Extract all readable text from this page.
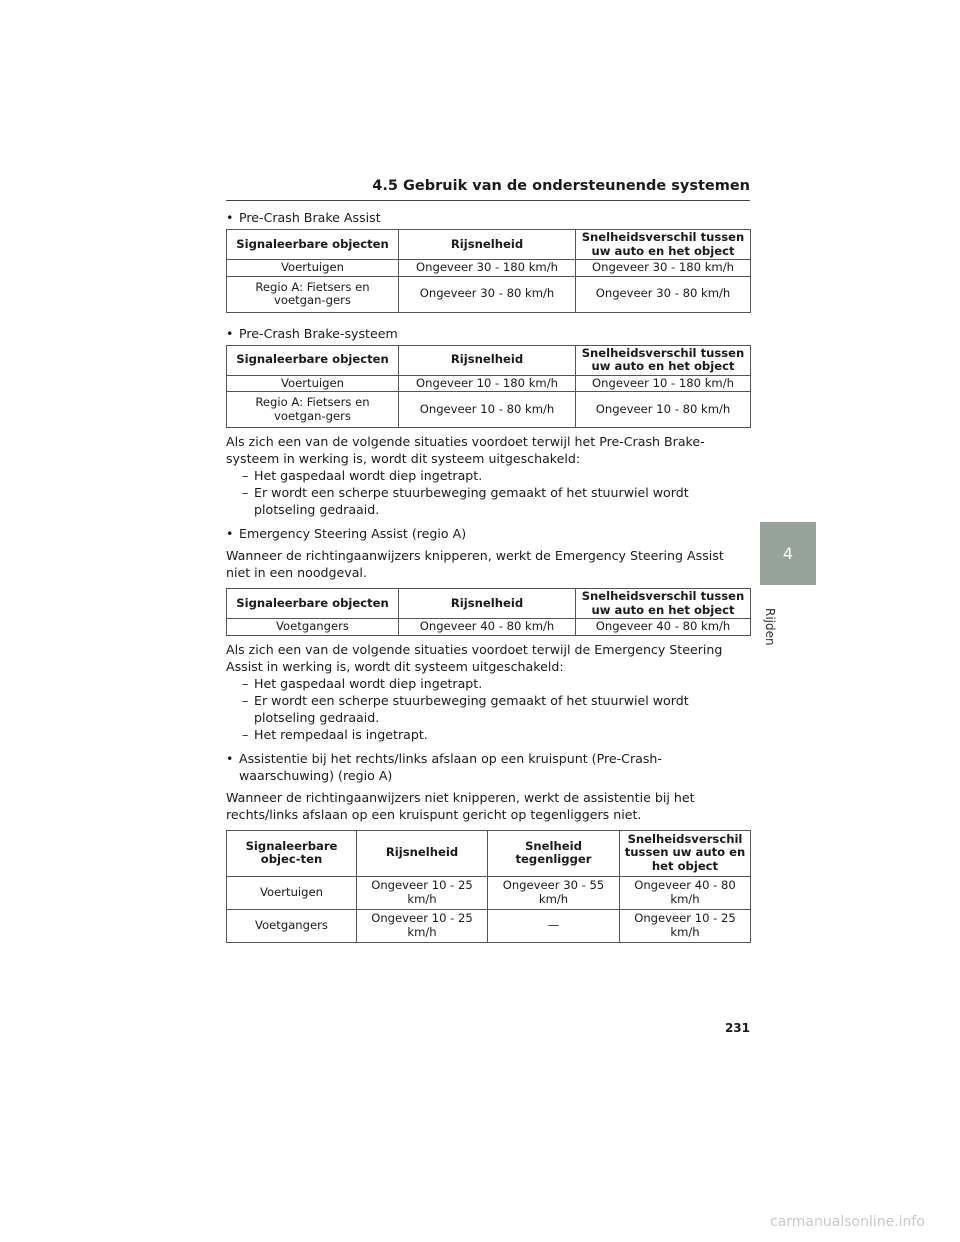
4.5 Gebruik van de ondersteunende systemen
• Pre-Crash Brake Assist
Signaleerbare objecten	Rijsnelheid	Snelheidsverschil tussen uw auto en het object
Voertuigen	Ongeveer 30 - 180 km/h	Ongeveer 30 - 180 km/h
Regio A: Fietsers en voetgan-gers	Ongeveer 30 - 80 km/h	Ongeveer 30 - 80 km/h
• Pre-Crash Brake-systeem
Signaleerbare objecten	Rijsnelheid	Snelheidsverschil tussen uw auto en het object
Voertuigen	Ongeveer 10 - 180 km/h	Ongeveer 10 - 180 km/h
Regio A: Fietsers en voetgan-gers	Ongeveer 10 - 80 km/h	Ongeveer 10 - 80 km/h

Als zich een van de volgende situaties voordoet terwijl het Pre-Crash Brake-systeem in werking is, wordt dit systeem uitgeschakeld:

– Het gaspedaal wordt diep ingetrapt.
– Er wordt een scherpe stuurbeweging gemaakt of het stuurwiel wordt plotseling gedraaid.
• Emergency Steering Assist (regio A)

Wanneer de richtingaanwijzers knipperen, werkt de Emergency Steering Assist niet in een noodgeval.

Signaleerbare objecten	Rijsnelheid	Snelheidsverschil tussen uw auto en het object
Voetgangers	Ongeveer 40 - 80 km/h	Ongeveer 40 - 80 km/h

Als zich een van de volgende situaties voordoet terwijl de Emergency Steering Assist in werking is, wordt dit systeem uitgeschakeld:

– Het gaspedaal wordt diep ingetrapt.
– Er wordt een scherpe stuurbeweging gemaakt of het stuurwiel wordt plotseling gedraaid.
– Het rempedaal is ingetrapt.
• Assistentie bij het rechts/links afslaan op een kruispunt (Pre-Crash-waarschuwing) (regio A)

Wanneer de richtingaanwijzers niet knipperen, werkt de assistentie bij het rechts/links afslaan op een kruispunt gericht op tegenliggers niet.

Signaleerbare objec-ten	Rijsnelheid	Snelheid tegenligger	Snelheidsverschil tussen uw auto en het object
Voertuigen	Ongeveer 10 - 25 km/h	Ongeveer 30 - 55 km/h	Ongeveer 40 - 80 km/h
Voetgangers	Ongeveer 10 - 25 km/h	—	Ongeveer 10 - 25 km/h
4
Rijden
231
carmanualsonline.info
